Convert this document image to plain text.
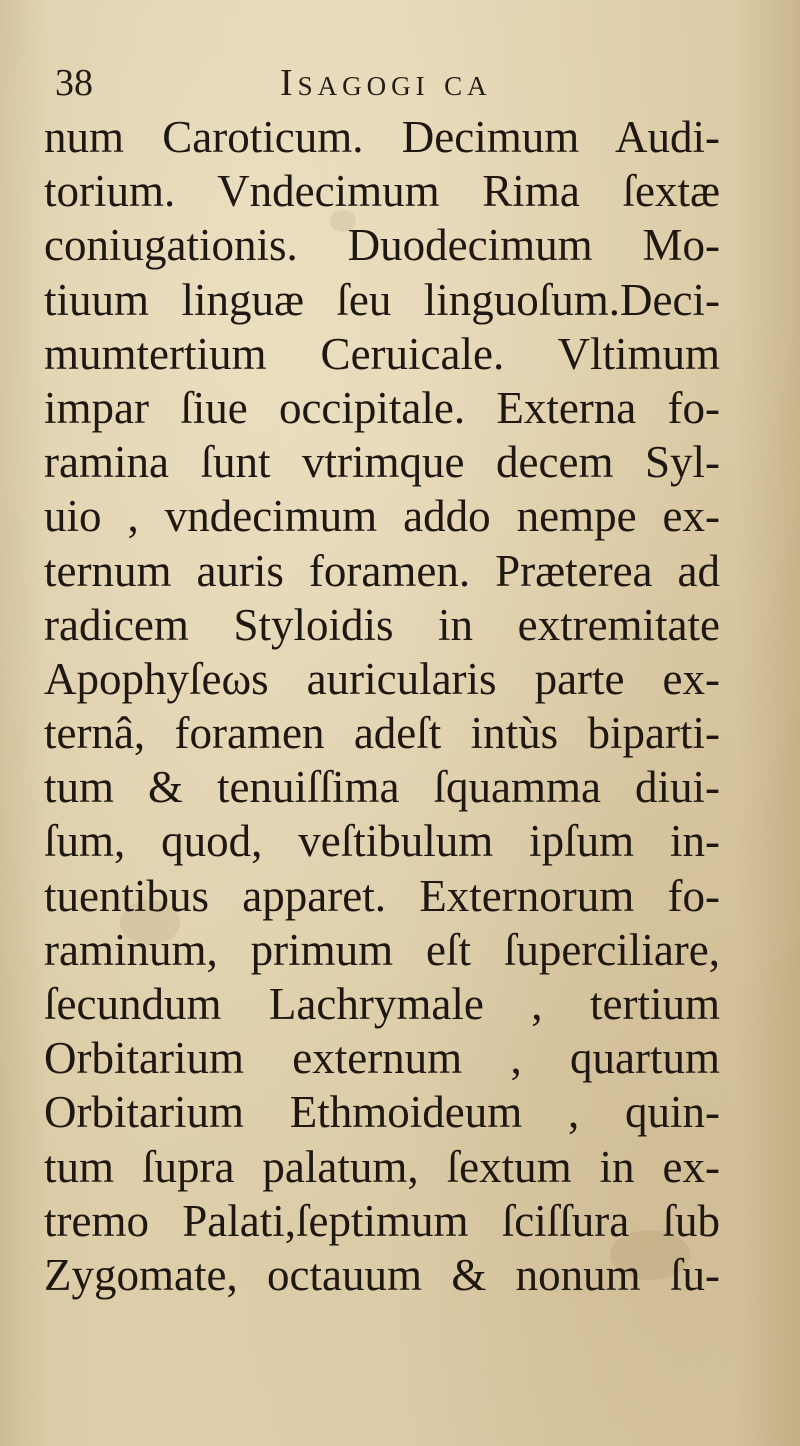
38	Isagogi ca
num Caroticum. Decimum Audi-
torium. Vndecimum Rima ſextæ
coniugationis. Duodecimum Mo-
tiuum linguæ ſeu linguoſum.Deci-
mumtertium Ceruicale. Vltimum
impar ſiue occipitale. Externa fo-
ramina ſunt vtrimque decem Syl-
uio , vndecimum addo nempe ex-
ternum auris foramen. Præterea ad
radicem Styloidis in extremitate
Apophyſeωs auricularis parte ex-
ternâ, foramen adeſt intùs biparti-
tum & tenuiſſima ſquamma diui-
ſum, quod, veſtibulum ipſum in-
tuentibus apparet. Externorum fo-
raminum, primum eſt ſuperciliare,
ſecundum Lachrymale , tertium
Orbitarium externum , quartum
Orbitarium Ethmoideum , quin-
tum ſupra palatum, ſextum in ex-
tremo Palati,ſeptimum ſciſſura ſub
Zygomate, octauum & nonum ſu-
